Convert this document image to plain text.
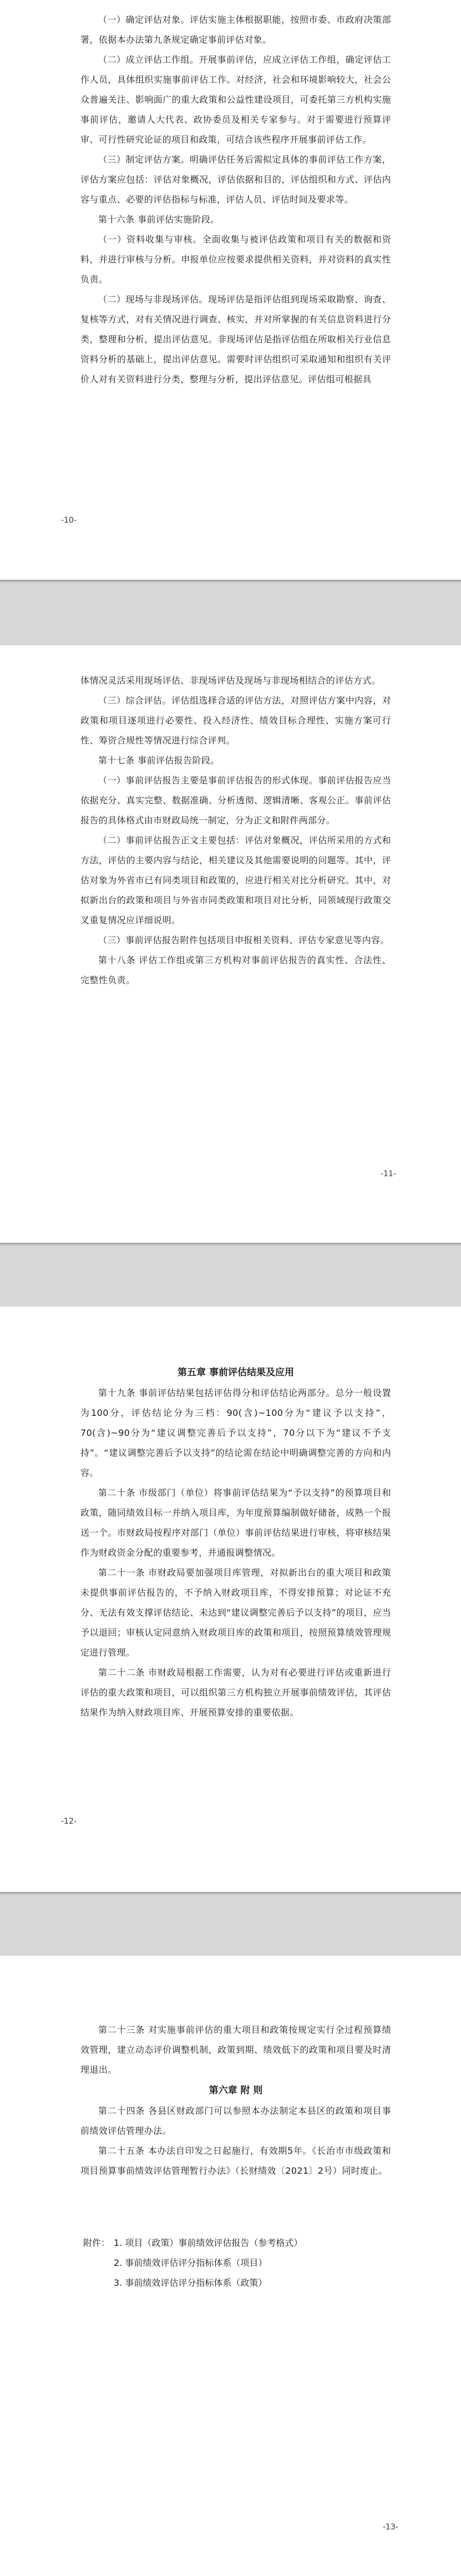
（一）确定评估对象。评估实施主体根据职能，按照市委、市政府决策部署，依据本办法第九条规定确定事前评估对象。

（二）成立评估工作组。开展事前评估，应成立评估工作组，确定评估工作人员，具体组织实施事前评估工作。对经济，社会和环境影响较大，社会公众普遍关注、影响面广的重大政策和公益性建设项目，可委托第三方机构实施事前评估，邀请人大代表、政协委员及相关专家参与。对于需要进行预算评审、可行性研究论证的项目和政策，可结合该些程序开展事前评估工作。

（三）制定评估方案。明确评估任务后需拟定具体的事前评估工作方案，评估方案应包括：评估对象概况，评估依据和目的，评估组织和方式、评估内容与重点、必要的评估指标与标准，评估人员、评估时间及要求等。

第十六条 事前评估实施阶段。

（一）资料收集与审核。全面收集与被评估政策和项目有关的数据和资料，并进行审核与分析。申报单位应按要求提供相关资料，并对资料的真实性负责。

（二）现场与非现场评估。现场评估是指评估组到现场采取勘察、询查、复核等方式，对有关情况进行调查、核实，并对所掌握的有关信息资料进行分类，整理和分析，提出评估意见。非现场评估是指评估组在所取相关行业信息资料分析的基础上，提出评估意见。需要时评估组织可采取通知和组织有关评价人对有关资料进行分类，整理与分析，提出评估意见。评估组可根据具

-10-

体情况灵活采用现场评估、非现场评估及现场与非现场相结合的评估方式。

（三）综合评估。评估组选择合适的评估方法，对照评估方案中内容，对政策和项目逐项进行必要性、投入经济性、绩效目标合理性、实施方案可行性、筹资合规性等情况进行综合评判。

第十七条 事前评估报告阶段。

（一）事前评估报告主要是事前评估报告的形式体现。事前评估报告应当依据充分、真实完整、数据准确、分析透彻、逻辑清晰、客观公正。事前评估报告的具体格式由市财政局统一制定，分为正文和附件两部分。

（二）事前评估报告正文主要包括：评估对象概况，评估所采用的方式和方法，评估的主要内容与结论，相关建议及其他需要说明的问题等。其中，评估对象为外省市已有同类项目和政策的，应进行相关对比分析研究。其中，对拟新出台的政策和项目与外省市同类政策和项目对比分析，同领域现行政策交叉重复情况应详细说明。

（三）事前评估报告附件包括项目申报相关资料、评估专家意见等内容。

第十八条 评估工作组或第三方机构对事前评估报告的真实性、合法性、完整性负责。

-11-
第五章 事前评估结果及应用

第十九条 事前评估结果包括评估得分和评估结论两部分。总分一般设置为100分，评估结论分为三档：90(含)~100分为“建议予以支持”，70(含)~90分为“建议调整完善后予以支持”，70分以下为“建议不予支持”。“建议调整完善后予以支持”的结论需在结论中明确调整完善的方向和内容。

第二十条 市级部门（单位）将事前评估结果为“予以支持”的预算项目和政策，随同绩效目标一并纳入项目库，为年度预算编制做好储备，成熟一个报送一个。市财政局按程序对部门（单位）事前评估结果进行审核，将审核结果作为财政资金分配的重要参考，并通报调整情况。

第二十一条 市财政局要加强项目库管理，对拟新出台的重大项目和政策未提供事前评估报告的，不予纳入财政项目库，不得安排预算；对论证不充分、无法有效支撑评估结论、未达到“建议调整完善后予以支持”的项目，应当予以退回；审核认定同意纳入财政项目库的政策和项目，按照预算绩效管理规定进行管理。

第二十二条 市财政局根据工作需要，认为对有必要进行评估或重新进行评估的重大政策和项目，可以组织第三方机构独立开展事前绩效评估，其评估结果作为纳入财政项目库、开展预算安排的重要依据。

-12-

第二十三条 对实施事前评估的重大项目和政策按规定实行全过程预算绩效管理，建立动态评价调整机制，政策到期、绩效低下的政策和项目要及时清理退出。

第六章 附 则

第二十四条 各县区财政部门可以参照本办法制定本县区的政策和项目事前绩效评估管理办法。

第二十五条 本办法自印发之日起施行，有效期5年。《长治市市级政策和项目预算事前绩效评估管理暂行办法》（长财绩效〔2021〕2号）同时废止。

附件： 1. 项目（政策）事前绩效评估报告（参考格式）
2. 事前绩效评估评分指标体系（项目）
3. 事前绩效评估评分指标体系（政策）
-13-
